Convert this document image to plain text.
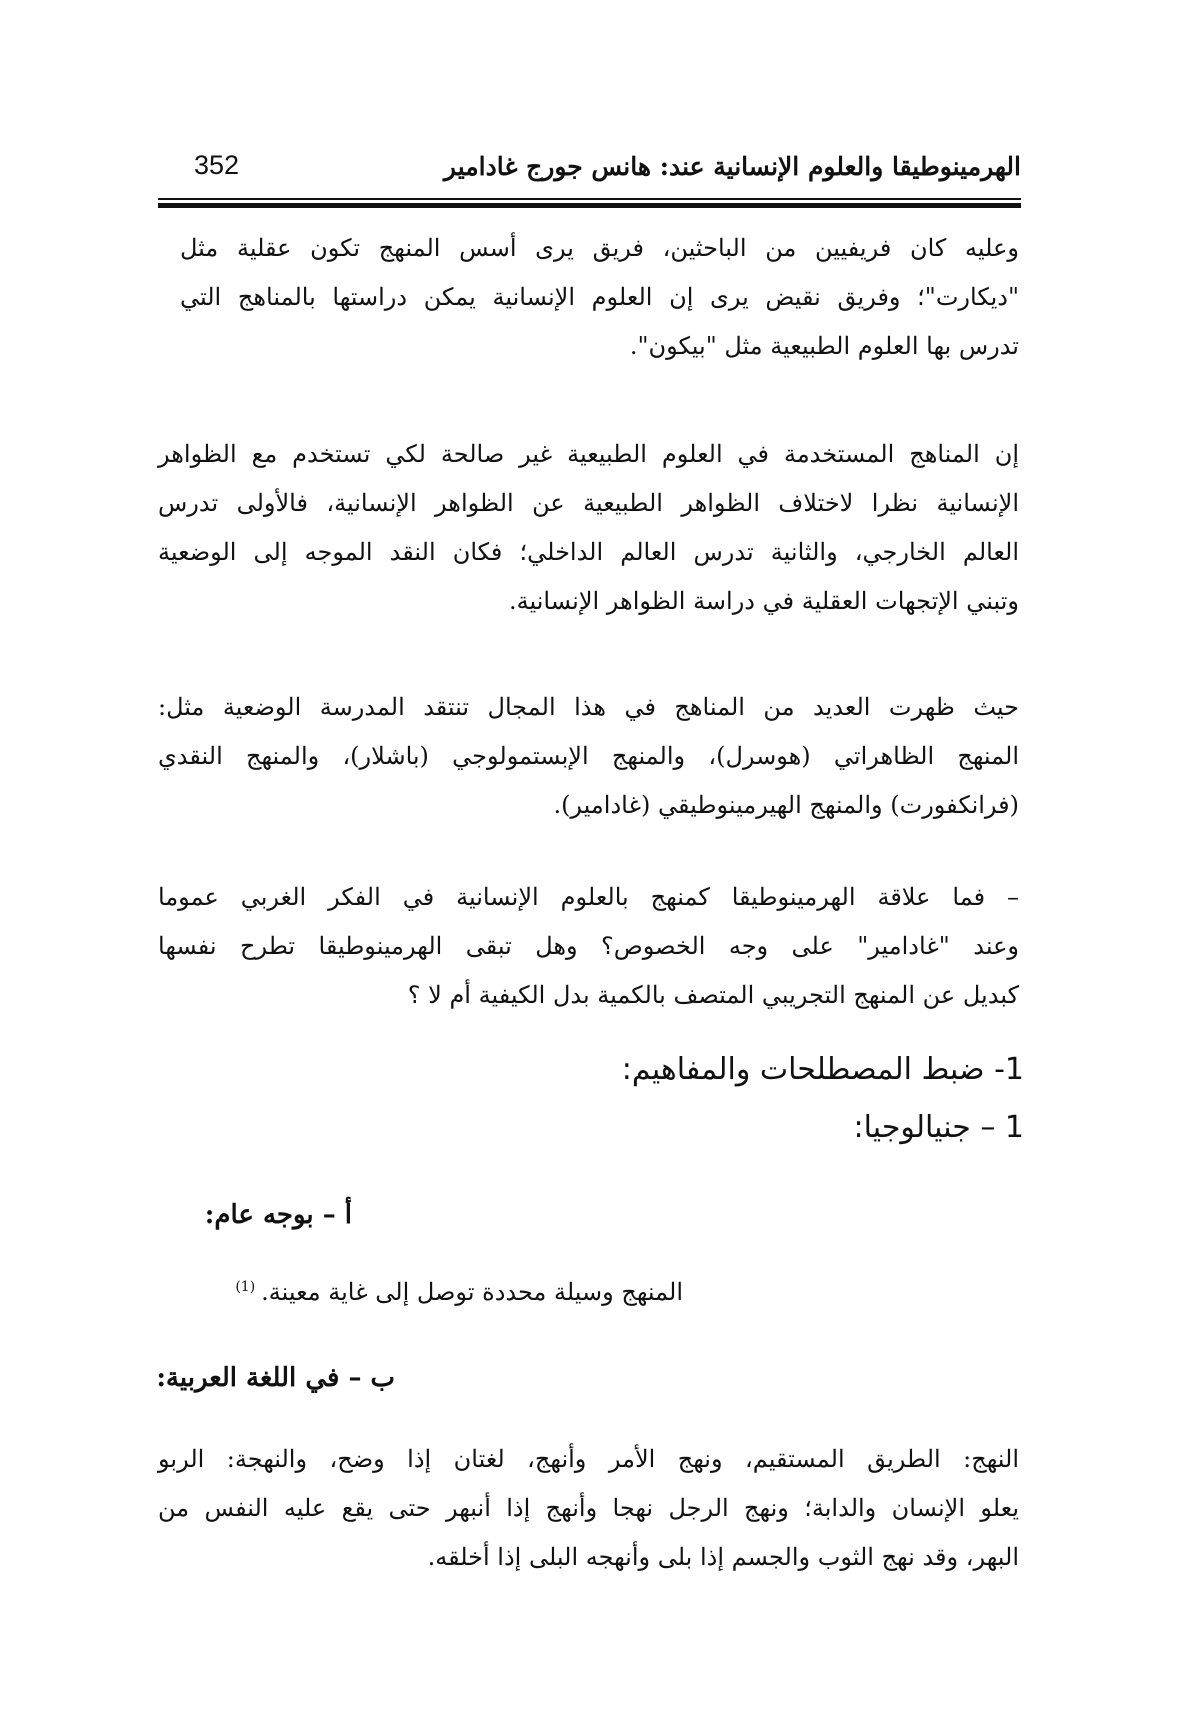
الهرمينوطيقا والعلوم الإنسانية عند: هانس جورج غادامير
352
وعليه كان فريفيين من الباحثين، فريق يرى أسس المنهج تكون عقلية مثل
"ديكارت"؛ وفريق نقيض يرى إن العلوم الإنسانية يمكن دراستها بالمناهج التي
تدرس بها العلوم الطبيعية مثل "بيكون".
إن المناهج المستخدمة في العلوم الطبيعية غير صالحة لكي تستخدم مع الظواهر
الإنسانية نظرا لاختلاف الظواهر الطبيعية عن الظواهر الإنسانية، فالأولى تدرس
العالم الخارجي، والثانية تدرس العالم الداخلي؛ فكان النقد الموجه إلى الوضعية
وتبني الإتجهات العقلية في دراسة الظواهر الإنسانية.
حيث ظهرت العديد من المناهج في هذا المجال تنتقد المدرسة الوضعية مثل:
المنهج الظاهراتي (هوسرل)، والمنهج الإبستمولوجي (باشلار)، والمنهج النقدي
(فرانكفورت) والمنهج الهيرمينوطيقي (غادامير).
– فما علاقة الهرمينوطيقا كمنهج بالعلوم الإنسانية في الفكر الغربي عموما
وعند "غادامير" على وجه الخصوص؟ وهل تبقى الهرمينوطيقا تطرح نفسها
كبديل عن المنهج التجريبي المتصف بالكمية بدل الكيفية أم لا ؟
1- ضبط المصطلحات والمفاهيم:
1 – جنيالوجيا:
أ – بوجه عام:
المنهج وسيلة محددة توصل إلى غاية معينة.$^{(1)}$
ب – في اللغة العربية:
النهج: الطريق المستقيم، ونهج الأمر وأنهج، لغتان إذا وضح، والنهجة: الربو
يعلو الإنسان والدابة؛ ونهج الرجل نهجا وأنهج إذا أنبهر حتى يقع عليه النفس من
البهر، وقد نهج الثوب والجسم إذا بلى وأنهجه البلى إذا أخلقه.
